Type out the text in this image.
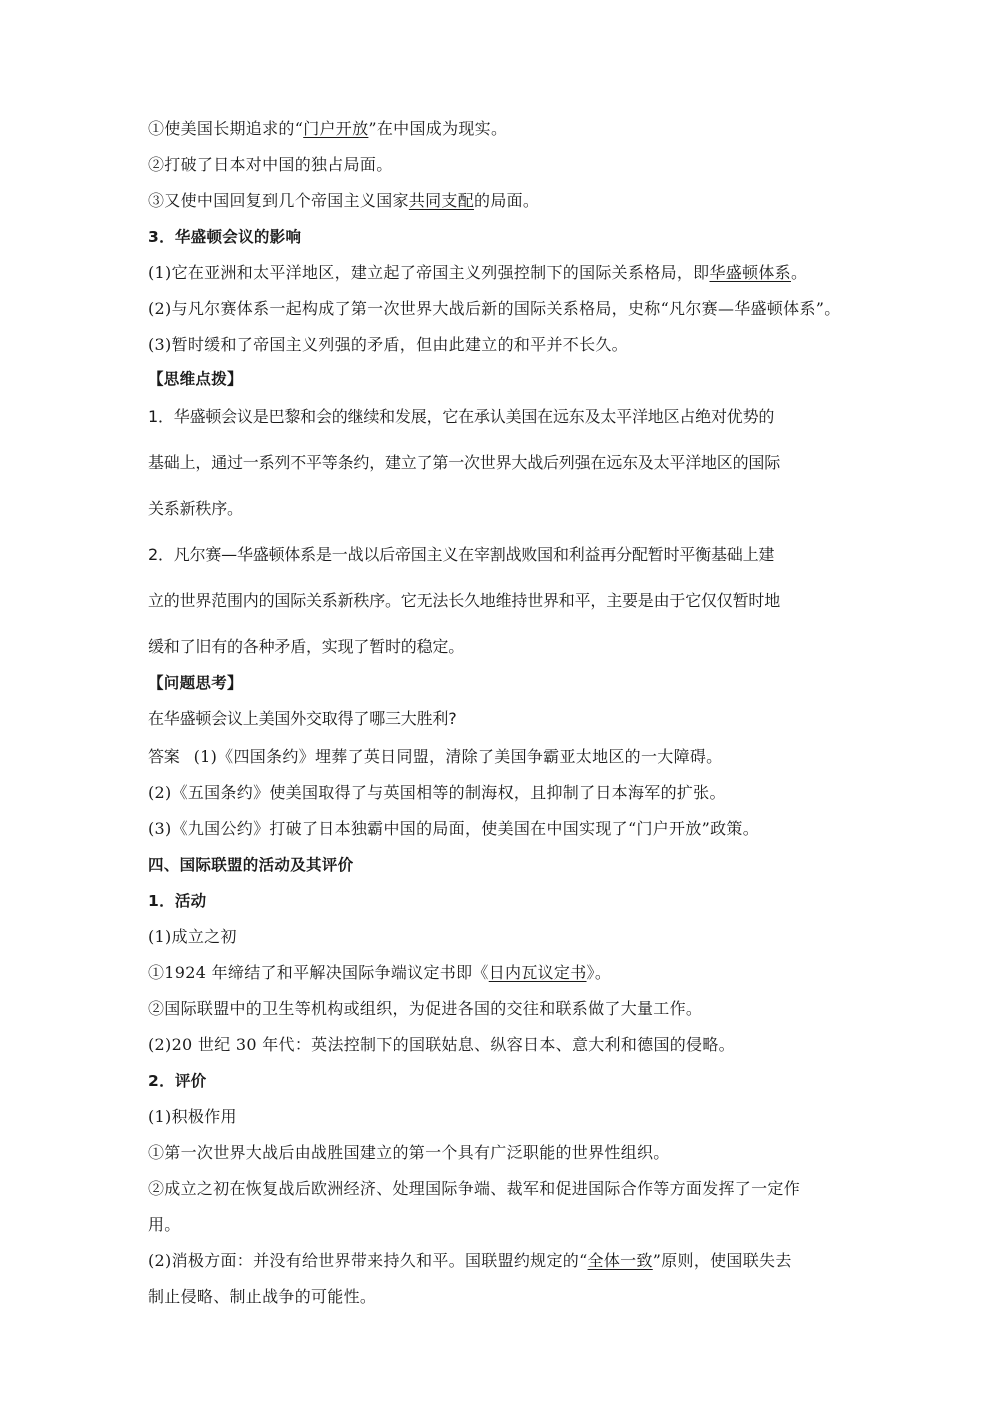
①使美国长期追求的“门户开放”在中国成为现实。
②打破了日本对中国的独占局面。
③又使中国回复到几个帝国主义国家共同支配的局面。
3．华盛顿会议的影响
(1)它在亚洲和太平洋地区，建立起了帝国主义列强控制下的国际关系格局，即华盛顿体系。
(2)与凡尔赛体系一起构成了第一次世界大战后新的国际关系格局，史称“凡尔赛—华盛顿体系”。
(3)暂时缓和了帝国主义列强的矛盾，但由此建立的和平并不长久。
【思维点拨】
1．华盛顿会议是巴黎和会的继续和发展，它在承认美国在远东及太平洋地区占绝对优势的
基础上，通过一系列不平等条约，建立了第一次世界大战后列强在远东及太平洋地区的国际
关系新秩序。
2．凡尔赛—华盛顿体系是一战以后帝国主义在宰割战败国和利益再分配暂时平衡基础上建
立的世界范围内的国际关系新秩序。它无法长久地维持世界和平，主要是由于它仅仅暂时地
缓和了旧有的各种矛盾，实现了暂时的稳定。
【问题思考】
在华盛顿会议上美国外交取得了哪三大胜利?
答案 (1)《四国条约》埋葬了英日同盟，清除了美国争霸亚太地区的一大障碍。
(2)《五国条约》使美国取得了与英国相等的制海权，且抑制了日本海军的扩张。
(3)《九国公约》打破了日本独霸中国的局面，使美国在中国实现了“门户开放”政策。
四、国际联盟的活动及其评价
1．活动
(1)成立之初
①1924 年缔结了和平解决国际争端议定书即《日内瓦议定书》。
②国际联盟中的卫生等机构或组织，为促进各国的交往和联系做了大量工作。
(2)20 世纪 30 年代：英法控制下的国联姑息、纵容日本、意大利和德国的侵略。
2．评价
(1)积极作用
①第一次世界大战后由战胜国建立的第一个具有广泛职能的世界性组织。
②成立之初在恢复战后欧洲经济、处理国际争端、裁军和促进国际合作等方面发挥了一定作
用。
(2)消极方面：并没有给世界带来持久和平。国联盟约规定的“全体一致”原则，使国联失去
制止侵略、制止战争的可能性。
